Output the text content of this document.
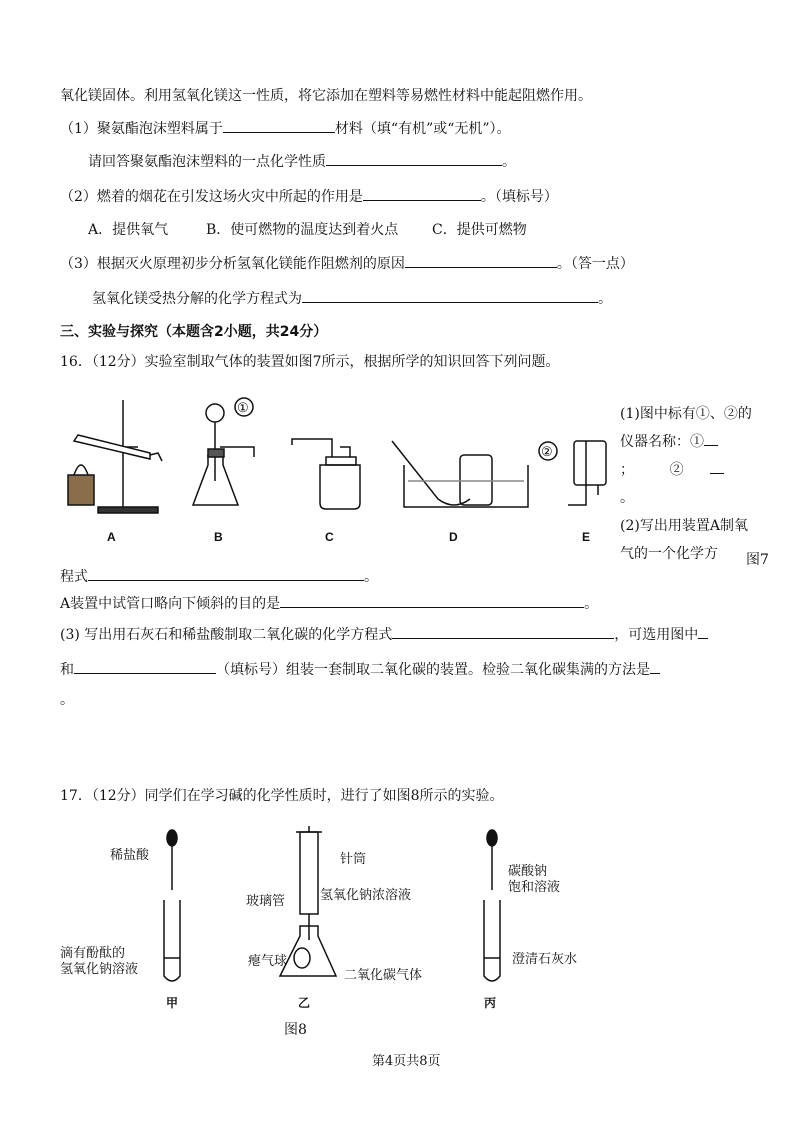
氧化镁固体。利用氢氧化镁这一性质，将它添加在塑料等易燃性材料中能起阻燃作用。
（1）聚氨酯泡沫塑料属于	材料（填“有机”或“无机”）。
请回答聚氨酯泡沫塑料的一点化学性质	。
（2）燃着的烟花在引发这场火灾中所起的作用是	。（填标号）
A．提供氧气	B．使可燃物的温度达到着火点 C．提供可燃物
（3）根据灭火原理初步分析氢氧化镁能作阻燃剂的原因	。（答一点）
氢氧化镁受热分解的化学方程式为	。
三、实验与探究（本题含2小题，共24分）
16．（12分）实验室制取气体的装置如图7所示，根据所学的知识回答下列问题。
②
①
A	B	C	D	E
(1)图中标有①、②的仪器名称：①
；	②
。
(2)写出用装置A制氧气的一个化学方	图7
程式	。
A装置中试管口略向下倾斜的目的是	。
(3) 写出用石灰石和稀盐酸制取二氧化碳的化学方程式	，可选用图中
和	（填标号）组装一套制取二氧化碳的装置。检验二氧化碳集满的方法是
。
17．（12分）同学们在学习碱的化学性质时，进行了如图8所示的实验。
稀盐酸
滴有酚酞的
氢氧化钠溶液
甲
针筒
玻璃管	氢氧化钠浓溶液
瘪气球
二氧化碳气体
乙
碳酸钠
饱和溶液
澄清石灰水
丙
图8
第4页共8页
